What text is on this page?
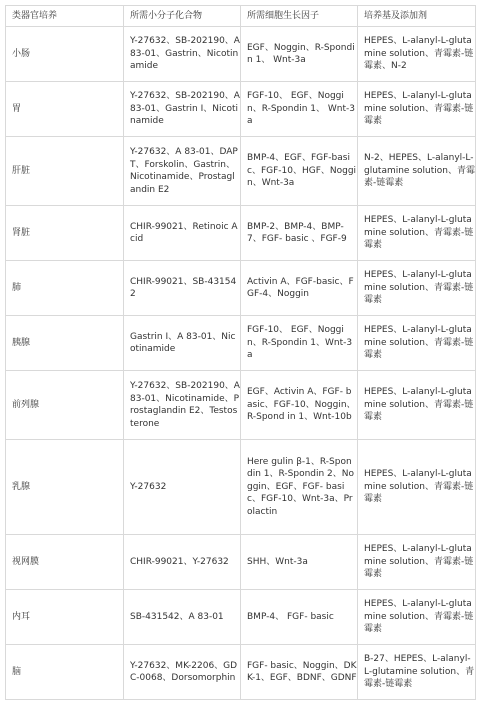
类器官培养	所需小分子化合物	所需细胞生长因子	培养基及添加剂
小肠	Y-27632、SB-202190、A 83-01、Gastrin、Nicotinamide	EGF、Noggin、R-Spondin 1、 Wnt-3a	HEPES、L-alanyl-L-glutamine solution、青霉素-链霉素、N-2
胃	Y-27632、SB-202190、A 83-01、Gastrin I、Nicotinamide	FGF-10、 EGF、Noggin、R-Spondin 1、 Wnt-3a	HEPES、L-alanyl-L-glutamine solution、青霉素-链霉素
肝脏	Y-27632、A 83-01、DAPT、Forskolin、Gastrin、Nicotinamide、Prostaglandin E2	BMP-4、EGF、FGF-basic、FGF-10、HGF、Noggin、Wnt-3a	N-2、HEPES、L-alanyl-L-glutamine solution、青霉素-链霉素
肾脏	CHIR-99021、Retinoic Acid	BMP-2、BMP-4、BMP-7、FGF- basic 、FGF-9	HEPES、L-alanyl-L-glutamine solution、青霉素-链霉素
肺	CHIR-99021、SB-431542	Activin A、FGF-basic、FGF-4、Noggin	HEPES、L-alanyl-L-glutamine solution、青霉素-链霉素
胰腺	Gastrin I、A 83-01、Nicotinamide	FGF-10、 EGF、Noggin、R-Spondin 1、Wnt-3a	HEPES、L-alanyl-L-glutamine solution、青霉素-链霉素
前列腺	Y-27632、SB-202190、A 83-01、Nicotinamide、Prostaglandin E2、Testosterone	EGF、Activin A、FGF- basic、FGF-10、Noggin、R-Spond in 1、Wnt-10b	HEPES、L-alanyl-L-glutamine solution、青霉素-链霉素
乳腺	Y-27632	Here gulin β-1、R-Spondin 1、R-Spondin 2、Noggin、EGF、FGF- basic、FGF-10、Wnt-3a、Prolactin	HEPES、L-alanyl-L-glutamine solution、青霉素-链霉素
视网膜	CHIR-99021、Y-27632	SHH、Wnt-3a	HEPES、L-alanyl-L-glutamine solution、青霉素-链霉素
内耳	SB-431542、A 83-01	BMP-4、 FGF- basic	HEPES、L-alanyl-L-glutamine solution、青霉素-链霉素
脑	Y-27632、MK-2206、GDC-0068、Dorsomorphin	FGF- basic、Noggin、DKK-1、EGF、BDNF、GDNF	B-27、HEPES、L-alanyl-L-glutamine solution、青霉素-链霉素
